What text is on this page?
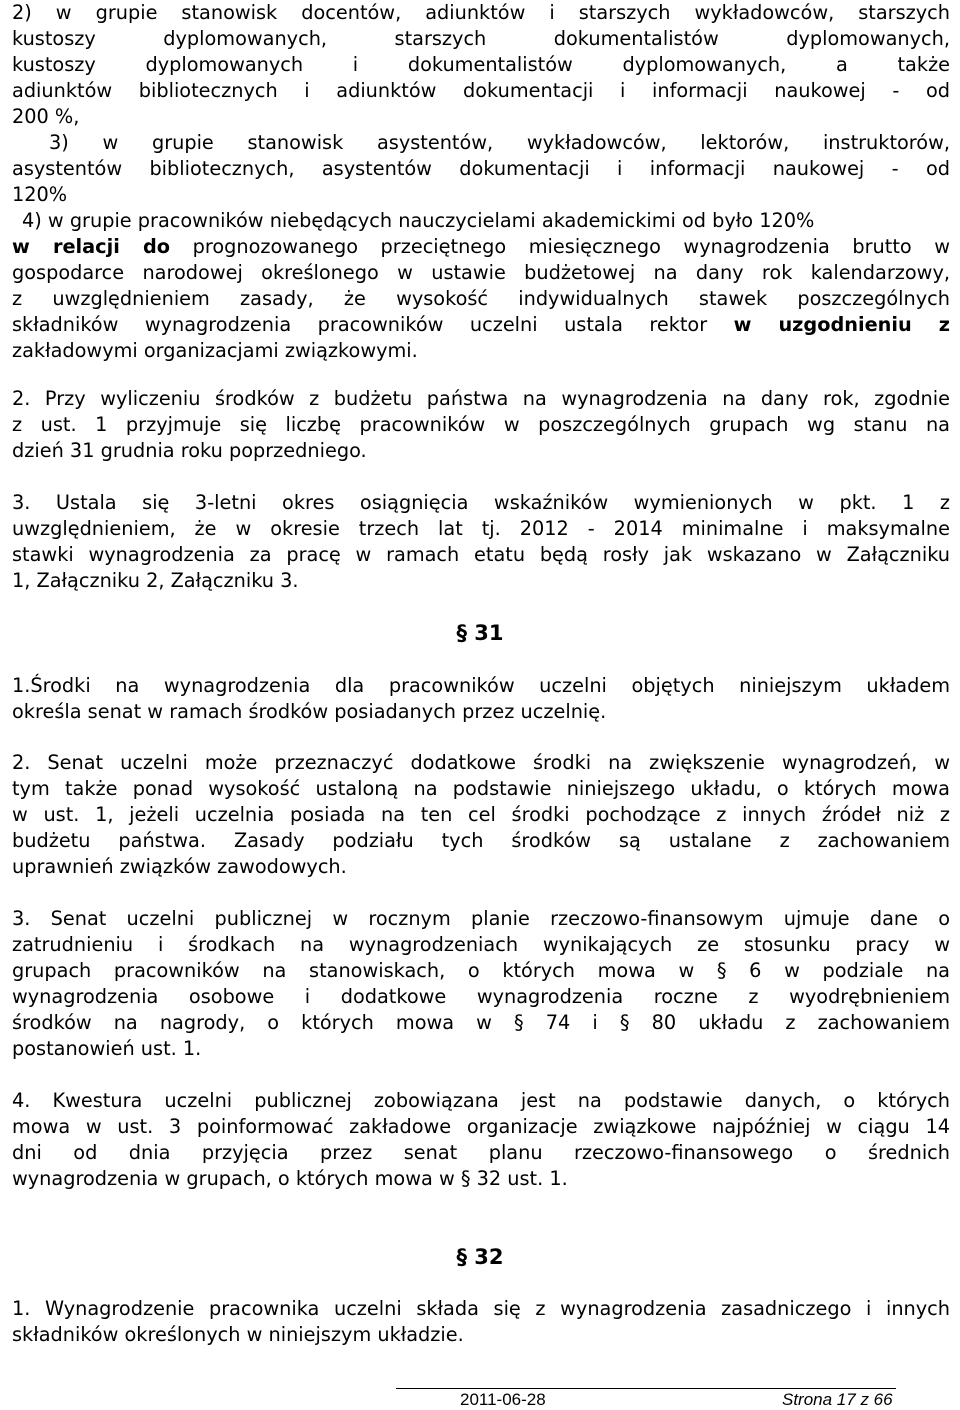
2) w grupie stanowisk docentów, adiunktów i starszych wykładowców, starszych
kustoszy dyplomowanych, starszych dokumentalistów dyplomowanych,
kustoszy dyplomowanych i dokumentalistów dyplomowanych, a także
adiunktów bibliotecznych i adiunktów dokumentacji i informacji naukowej - od
200 %,
3) w grupie stanowisk asystentów, wykładowców, lektorów, instruktorów,
asystentów bibliotecznych, asystentów dokumentacji i informacji naukowej - od
120%
4) w grupie pracowników niebędących nauczycielami akademickimi od było 120%
w relacji do prognozowanego przeciętnego miesięcznego wynagrodzenia brutto w
gospodarce narodowej określonego w ustawie budżetowej na dany rok kalendarzowy,
z uwzględnieniem zasady, że wysokość indywidualnych stawek poszczególnych
składników wynagrodzenia pracowników uczelni ustala rektor w uzgodnieniu z
zakładowymi organizacjami związkowymi.
2. Przy wyliczeniu środków z budżetu państwa na wynagrodzenia na dany rok, zgodnie
z ust. 1 przyjmuje się liczbę pracowników w poszczególnych grupach wg stanu na
dzień 31 grudnia roku poprzedniego.
3. Ustala się 3-letni okres osiągnięcia wskaźników wymienionych w pkt. 1 z
uwzględnieniem, że w okresie trzech lat tj. 2012 - 2014 minimalne i maksymalne
stawki wynagrodzenia za pracę w ramach etatu będą rosły jak wskazano w Załączniku
1, Załączniku 2, Załączniku 3.
§ 31
1.Środki na wynagrodzenia dla pracowników uczelni objętych niniejszym układem
określa senat w ramach środków posiadanych przez uczelnię.
2. Senat uczelni może przeznaczyć dodatkowe środki na zwiększenie wynagrodzeń, w
tym także ponad wysokość ustaloną na podstawie niniejszego układu, o których mowa
w ust. 1, jeżeli uczelnia posiada na ten cel środki pochodzące z innych źródeł niż z
budżetu państwa. Zasady podziału tych środków są ustalane z zachowaniem
uprawnień związków zawodowych.
3. Senat uczelni publicznej w rocznym planie rzeczowo-finansowym ujmuje dane o
zatrudnieniu i środkach na wynagrodzeniach wynikających ze stosunku pracy w
grupach pracowników na stanowiskach, o których mowa w § 6 w podziale na
wynagrodzenia osobowe i dodatkowe wynagrodzenia roczne z wyodrębnieniem
środków na nagrody, o których mowa w § 74 i § 80 układu z zachowaniem
postanowień ust. 1.
4. Kwestura uczelni publicznej zobowiązana jest na podstawie danych, o których
mowa w ust. 3 poinformować zakładowe organizacje związkowe najpóźniej w ciągu 14
dni od dnia przyjęcia przez senat planu rzeczowo-finansowego o średnich
wynagrodzenia w grupach, o których mowa w § 32 ust. 1.
§ 32
1. Wynagrodzenie pracownika uczelni składa się z wynagrodzenia zasadniczego i innych
składników określonych w niniejszym układzie.
2011-06-28	Strona 17 z 66
